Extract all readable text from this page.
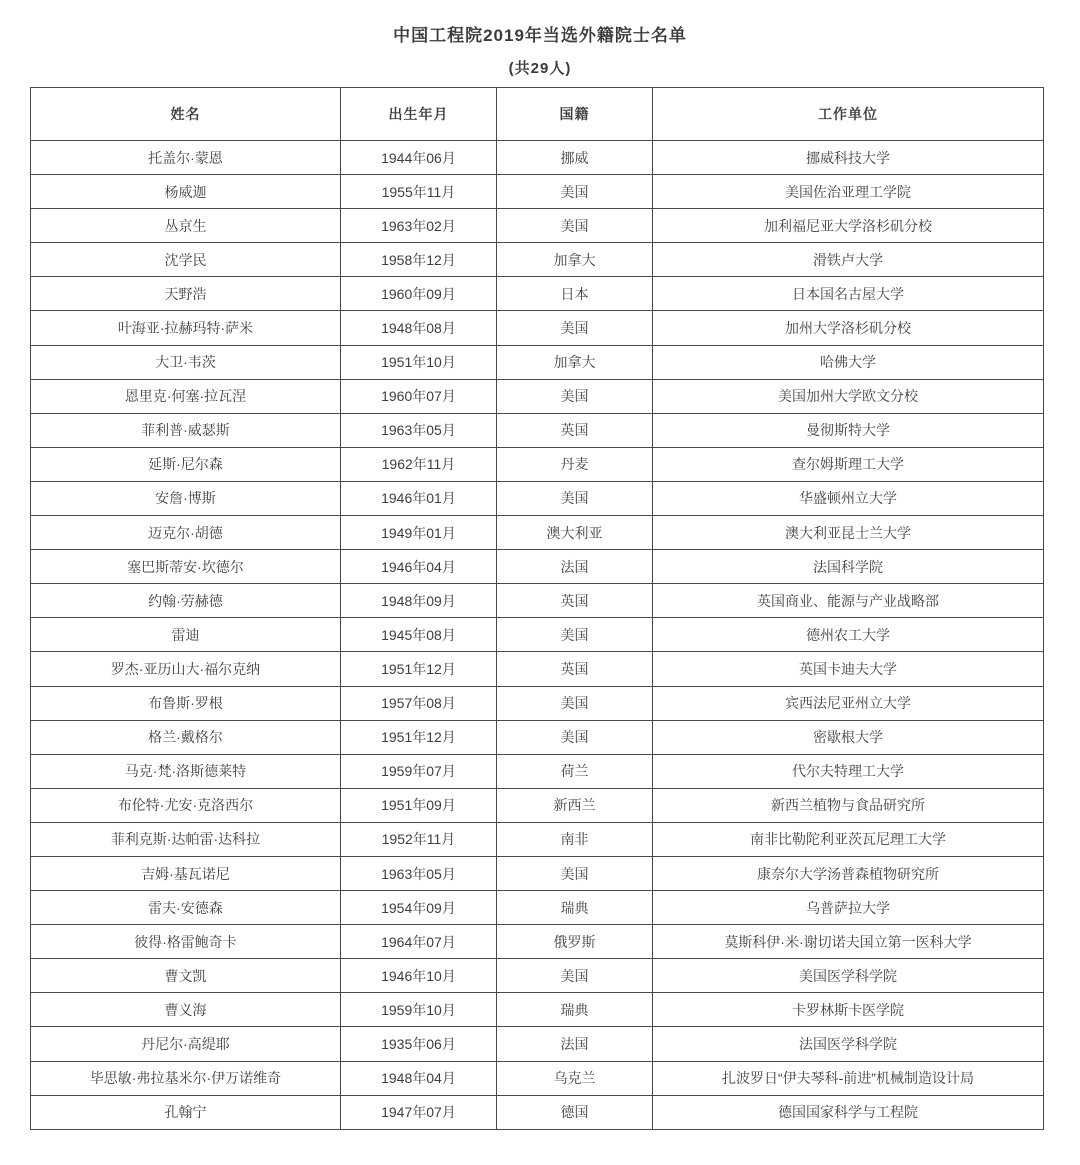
中国工程院2019年当选外籍院士名单
(共29人)
姓名	出生年月	国籍	工作单位
托盖尔·蒙恩	1944年06月	挪威	挪威科技大学
杨威迦	1955年11月	美国	美国佐治亚理工学院
丛京生	1963年02月	美国	加利福尼亚大学洛杉矶分校
沈学民	1958年12月	加拿大	滑铁卢大学
天野浩	1960年09月	日本	日本国名古屋大学
叶海亚·拉赫玛特·萨米	1948年08月	美国	加州大学洛杉矶分校
大卫·韦茨	1951年10月	加拿大	哈佛大学
恩里克·何塞·拉瓦涅	1960年07月	美国	美国加州大学欧文分校
菲利普·威瑟斯	1963年05月	英国	曼彻斯特大学
延斯·尼尔森	1962年11月	丹麦	查尔姆斯理工大学
安詹·博斯	1946年01月	美国	华盛顿州立大学
迈克尔·胡德	1949年01月	澳大利亚	澳大利亚昆士兰大学
塞巴斯蒂安·坎德尔	1946年04月	法国	法国科学院
约翰·劳赫德	1948年09月	英国	英国商业、能源与产业战略部
雷迪	1945年08月	美国	德州农工大学
罗杰·亚历山大·福尔克纳	1951年12月	英国	英国卡迪夫大学
布鲁斯·罗根	1957年08月	美国	宾西法尼亚州立大学
格兰·戴格尔	1951年12月	美国	密歇根大学
马克·梵·洛斯德莱特	1959年07月	荷兰	代尔夫特理工大学
布伦特·尤安·克洛西尔	1951年09月	新西兰	新西兰植物与食品研究所
菲利克斯·达帕雷·达科拉	1952年11月	南非	南非比勒陀利亚茨瓦尼理工大学
吉姆·基瓦诺尼	1963年05月	美国	康奈尔大学汤普森植物研究所
雷夫·安德森	1954年09月	瑞典	乌普萨拉大学
彼得·格雷鲍奇卡	1964年07月	俄罗斯	莫斯科伊·米·谢切诺夫国立第一医科大学
曹文凯	1946年10月	美国	美国医学科学院
曹义海	1959年10月	瑞典	卡罗林斯卡医学院
丹尼尔·高缇耶	1935年06月	法国	法国医学科学院
毕思敏·弗拉基米尔·伊万诺维奇	1948年04月	乌克兰	扎波罗日“伊夫琴科-前进”机械制造设计局
孔翰宁	1947年07月	德国	德国国家科学与工程院
